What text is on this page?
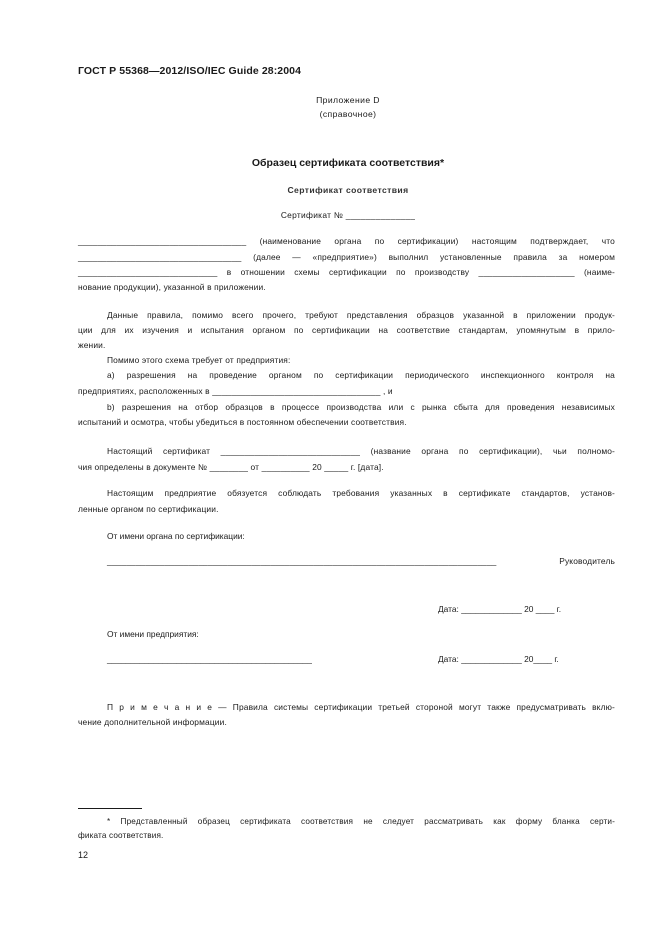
ГОСТ Р 55368—2012/ISO/IEC Guide 28:2004
Приложение D
(справочное)
Образец сертификата соответствия*
Сертификат соответствия
Сертификат № ______________
___________________________________ (наименование органа по сертификации) настоящим подтверждает, что
__________________________________ (далее — «предприятие») выполнил установленные правила за номером
_____________________________ в отношении схемы сертификации по производству ____________________ (наиме-
нование продукции), указанной в приложении.
Данные правила, помимо всего прочего, требуют представления образцов указанной в приложении продук-
ции для их изучения и испытания органом по сертификации на соответствие стандартам, упомянутым в прило-
жении.
Помимо этого схема требует от предприятия:
a) разрешения на проведение органом по сертификации периодического инспекционного контроля на
предприятиях, расположенных в ___________________________________ , и
b) разрешения на отбор образцов в процессе производства или с рынка сбыта для проведения независимых
испытаний и осмотра, чтобы убедиться в постоянном обеспечении соответствия.
Настоящий сертификат _____________________________ (название органа по сертификации), чьи полномо-
чия определены в документе № ________ от __________ 20 _____ г. [дата].
Настоящим предприятие обязуется соблюдать требования указанных в сертификате стандартов, установ-
ленные органом по сертификации.
От имени органа по сертификации:
_________________________________________________________________________________ Руководитель
Дата: _____________ 20 ____ г.
От имени предприятия:
____________________________________________	Дата: _____________ 20____ г.
П р и м е ч а н и е — Правила системы сертификации третьей стороной могут также предусматривать вклю-
чение дополнительной информации.
* Представленный образец сертификата соответствия не следует рассматривать как форму бланка серти-
фиката соответствия.
12
